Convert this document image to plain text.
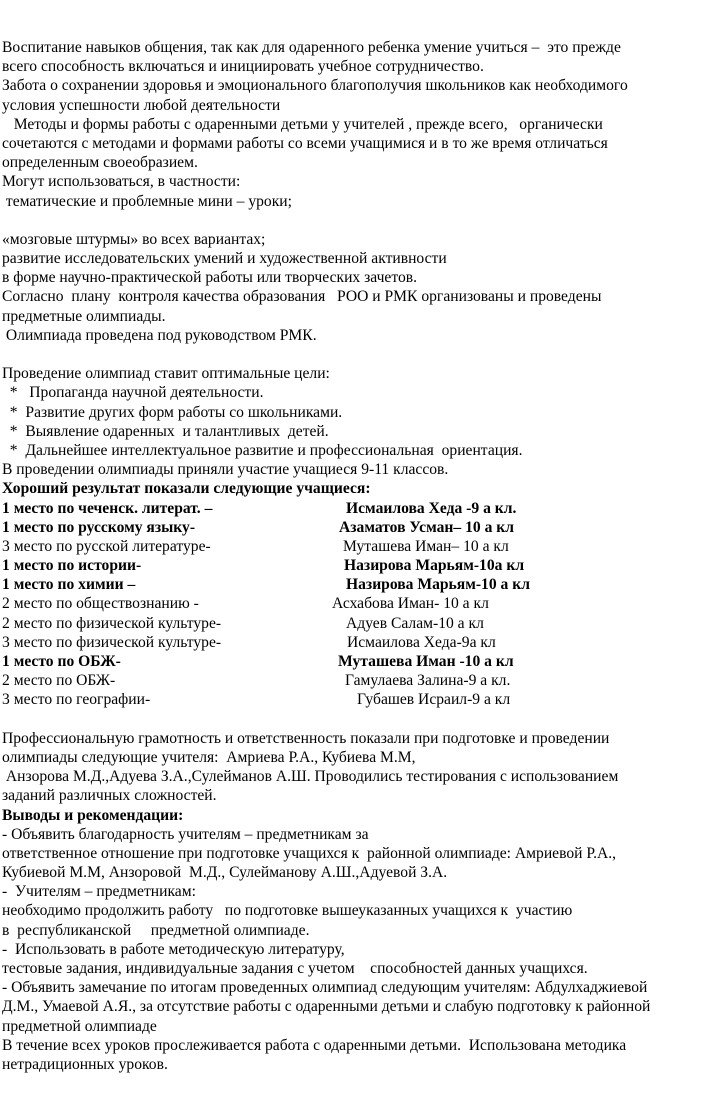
Воспитание навыков общения, так как для одаренного ребенка умение учиться –  это прежде
всего способность включаться и инициировать учебное сотрудничество.
Забота о сохранении здоровья и эмоционального благополучия школьников как необходимого
условия успешности любой деятельности
Методы и формы работы с одаренными детьми у учителей , прежде всего,   органически
сочетаются с методами и формами работы со всеми учащимися и в то же время отличаться
определенным своеобразием.
Могут использоваться, в частности:
тематические и проблемные мини – уроки;
«мозговые штурмы» во всех вариантах;
развитие исследовательских умений и художественной активности
в форме научно-практической работы или творческих зачетов.
Согласно  плану  контроля качества образования   РОО и РМК организованы и проведены
предметные олимпиады.
Олимпиада проведена под руководством РМК.
Проведение олимпиад ставит оптимальные цели:
*   Пропаганда научной деятельности.
*  Развитие других форм работы со школьниками.
*  Выявление одаренных  и талантливых  детей.
*  Дальнейшее интеллектуальное развитие и профессиональная  ориентация.
В проведении олимпиады приняли участие учащиеся 9-11 классов.
Хороший результат показали следующие учащиеся:
1 место по чеченск. литерат. –	Исмаилова Хеда -9 а кл.
1 место по русскому языку-	Азаматов Усман– 10 а кл
3 место по русской литературе-	Муташева Иман– 10 а кл
1 место по истории-	Назирова Марьям-10а кл
1 место по химии –	Назирова Марьям-10 а кл
2 место по обществознанию -	Асхабова Иман- 10 а кл
2 место по физической культуре-	Адуев Салам-10 а кл
3 место по физической культуре-	Исмаилова Хеда-9а кл
1 место по ОБЖ-	Муташева Иман -10 а кл
2 место по ОБЖ-	Гамулаева Залина-9 а кл.
3 место по географии-	Губашев Исраил-9 а кл
Профессиональную грамотность и ответственность показали при подготовке и проведении
олимпиады следующие учителя:  Амриева Р.А., Кубиева М.М,
Анзорова М.Д.,Адуева З.А.,Сулейманов А.Ш. Проводились тестирования с использованием
заданий различных сложностей.
Выводы и рекомендации:
- Объявить благодарность учителям – предметникам за
ответственное отношение при подготовке учащихся к  районной олимпиаде: Амриевой Р.А.,
Кубиевой М.М, Анзоровой  М.Д., Сулейманову А.Ш.,Адуевой З.А.
-  Учителям – предметникам:
необходимо продолжить работу   по подготовке вышеуказанных учащихся к  участию
в  республиканской     предметной олимпиаде.
-  Использовать в работе методическую литературу,
тестовые задания, индивидуальные задания с учетом    способностей данных учащихся.
- Объявить замечание по итогам проведенных олимпиад следующим учителям: Абдулхаджиевой
Д.М., Умаевой А.Я., за отсутствие работы с одаренными детьми и слабую подготовку к районной
предметной олимпиаде
В течение всех уроков прослеживается работа с одаренными детьми.  Использована методика
нетрадиционных уроков.
